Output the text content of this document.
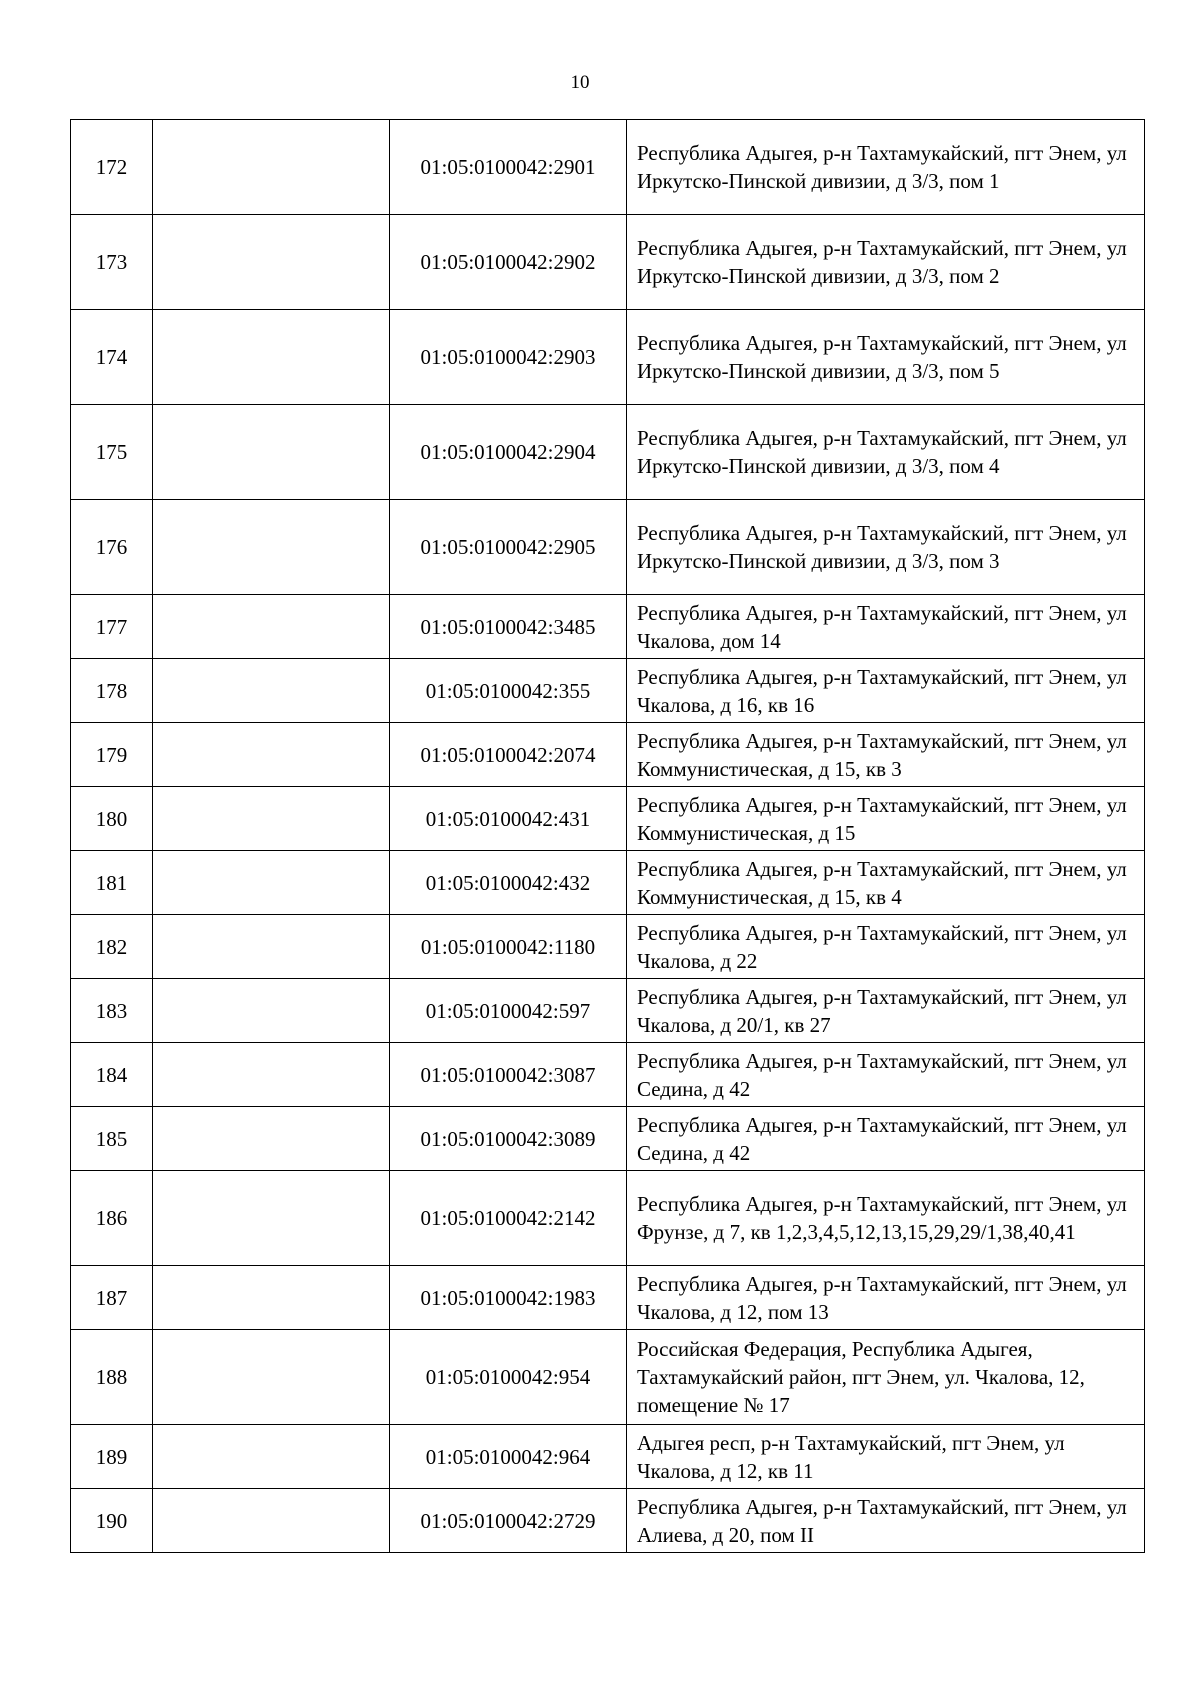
10
172		01:05:0100042:2901	Республика Адыгея, р-н Тахтамукайский, пгт Энем, ул Иркутско-Пинской дивизии, д 3/3, пом 1
173		01:05:0100042:2902	Республика Адыгея, р-н Тахтамукайский, пгт Энем, ул Иркутско-Пинской дивизии, д 3/3, пом 2
174		01:05:0100042:2903	Республика Адыгея, р-н Тахтамукайский, пгт Энем, ул Иркутско-Пинской дивизии, д 3/3, пом 5
175		01:05:0100042:2904	Республика Адыгея, р-н Тахтамукайский, пгт Энем, ул Иркутско-Пинской дивизии, д 3/3, пом 4
176		01:05:0100042:2905	Республика Адыгея, р-н Тахтамукайский, пгт Энем, ул Иркутско-Пинской дивизии, д 3/3, пом 3
177		01:05:0100042:3485	Республика Адыгея, р-н Тахтамукайский, пгт Энем, ул Чкалова, дом 14
178		01:05:0100042:355	Республика Адыгея, р-н Тахтамукайский, пгт Энем, ул Чкалова, д 16, кв 16
179		01:05:0100042:2074	Республика Адыгея, р-н Тахтамукайский, пгт Энем, ул Коммунистическая, д 15, кв 3
180		01:05:0100042:431	Республика Адыгея, р-н Тахтамукайский, пгт Энем, ул Коммунистическая, д 15
181		01:05:0100042:432	Республика Адыгея, р-н Тахтамукайский, пгт Энем, ул Коммунистическая, д 15, кв 4
182		01:05:0100042:1180	Республика Адыгея, р-н Тахтамукайский, пгт Энем, ул Чкалова, д 22
183		01:05:0100042:597	Республика Адыгея, р-н Тахтамукайский, пгт Энем, ул Чкалова, д 20/1, кв 27
184		01:05:0100042:3087	Республика Адыгея, р-н Тахтамукайский, пгт Энем, ул Седина, д 42
185		01:05:0100042:3089	Республика Адыгея, р-н Тахтамукайский, пгт Энем, ул Седина, д 42
186		01:05:0100042:2142	Республика Адыгея, р-н Тахтамукайский, пгт Энем, ул Фрунзе, д 7, кв 1,2,3,4,5,12,13,15,29,29/1,38,40,41
187		01:05:0100042:1983	Республика Адыгея, р-н Тахтамукайский, пгт Энем, ул Чкалова, д 12, пом 13
188		01:05:0100042:954	Российская Федерация, Республика Адыгея, Тахтамукайский район, пгт Энем, ул. Чкалова, 12, помещение № 17
189		01:05:0100042:964	Адыгея респ, р-н Тахтамукайский, пгт Энем, ул Чкалова, д 12, кв 11
190		01:05:0100042:2729	Республика Адыгея, р-н Тахтамукайский, пгт Энем, ул Алиева, д 20, пом II
